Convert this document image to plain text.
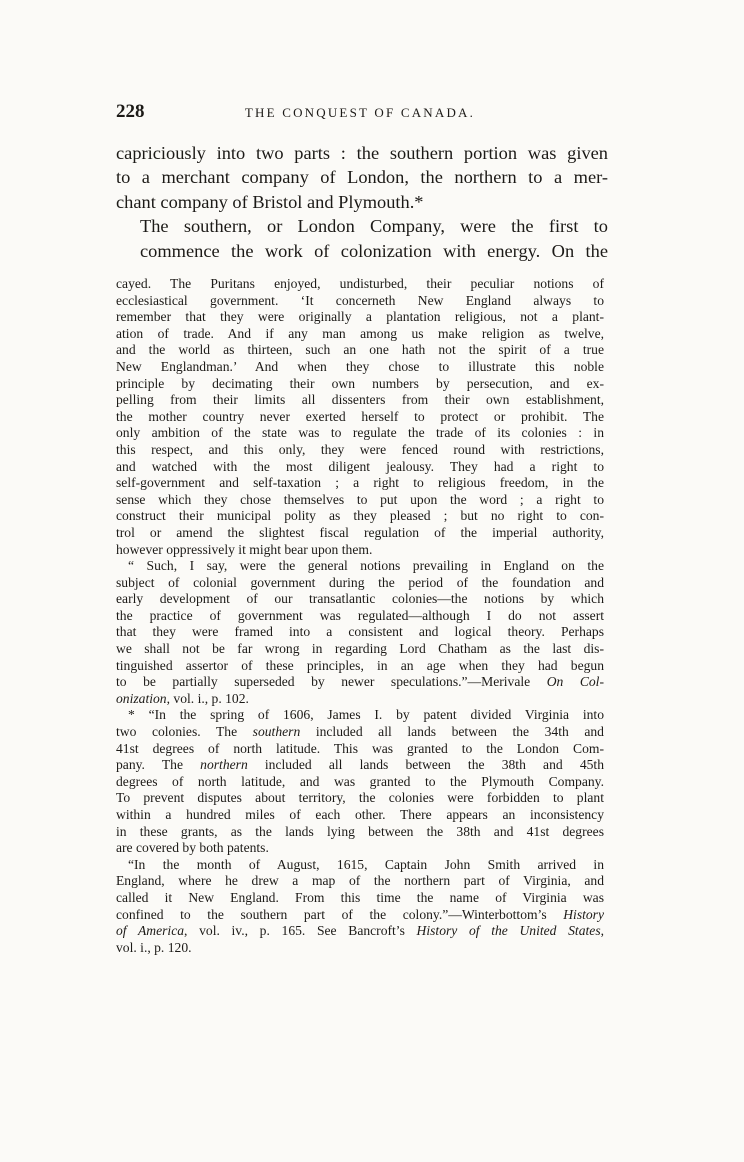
228	THE CONQUEST OF CANADA.

capriciously into two parts : the southern portion was given
to a merchant company of London, the northern to a mer-
chant company of Bristol and Plymouth.*

The southern, or London Company, were the first to
commence the work of colonization with energy. On the

cayed. The Puritans enjoyed, undisturbed, their peculiar notions of
ecclesiastical government. ‘It concerneth New England always to
remember that they were originally a plantation religious, not a plant-
ation of trade. And if any man among us make religion as twelve,
and the world as thirteen, such an one hath not the spirit of a true
New Englandman.’ And when they chose to illustrate this noble
principle by decimating their own numbers by persecution, and ex-
pelling from their limits all dissenters from their own establishment,
the mother country never exerted herself to protect or prohibit. The
only ambition of the state was to regulate the trade of its colonies : in
this respect, and this only, they were fenced round with restrictions,
and watched with the most diligent jealousy. They had a right to
self-government and self-taxation ; a right to religious freedom, in the
sense which they chose themselves to put upon the word ; a right to
construct their municipal polity as they pleased ; but no right to con-
trol or amend the slightest fiscal regulation of the imperial authority,
however oppressively it might bear upon them.

“ Such, I say, were the general notions prevailing in England on the
subject of colonial government during the period of the foundation and
early development of our transatlantic colonies—the notions by which
the practice of government was regulated—although I do not assert
that they were framed into a consistent and logical theory. Perhaps
we shall not be far wrong in regarding Lord Chatham as the last dis-
tinguished assertor of these principles, in an age when they had begun
to be partially superseded by newer speculations.”—Merivale On Col-
onization, vol. i., p. 102.

* “In the spring of 1606, James I. by patent divided Virginia into
two colonies. The southern included all lands between the 34th and
41st degrees of north latitude. This was granted to the London Com-
pany. The northern included all lands between the 38th and 45th
degrees of north latitude, and was granted to the Plymouth Company.
To prevent disputes about territory, the colonies were forbidden to plant
within a hundred miles of each other. There appears an inconsistency
in these grants, as the lands lying between the 38th and 41st degrees
are covered by both patents.

“In the month of August, 1615, Captain John Smith arrived in
England, where he drew a map of the northern part of Virginia, and
called it New England. From this time the name of Virginia was
confined to the southern part of the colony.”—Winterbottom’s History
of America, vol. iv., p. 165. See Bancroft’s History of the United States,
vol. i., p. 120.
